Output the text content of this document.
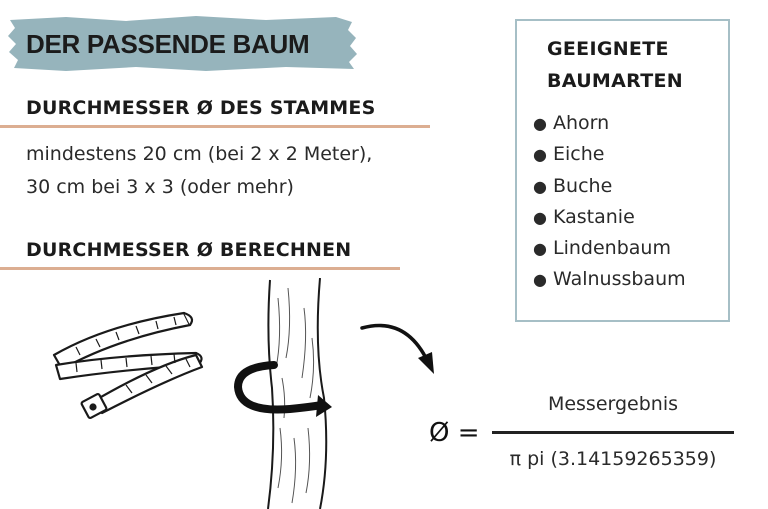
DER PASSENDE BAUM
DURCHMESSER Ø DES STAMMES
mindestens 20 cm (bei 2 x 2 Meter),
30 cm bei 3 x 3 (oder mehr)
DURCHMESSER Ø BERECHNEN
GEEIGNETE BAUMARTEN
● Ahorn
● Eiche
● Buche
● Kastanie
● Lindenbaum
● Walnussbaum
Ø =
Messergebnis
π pi (3.14159265359)
